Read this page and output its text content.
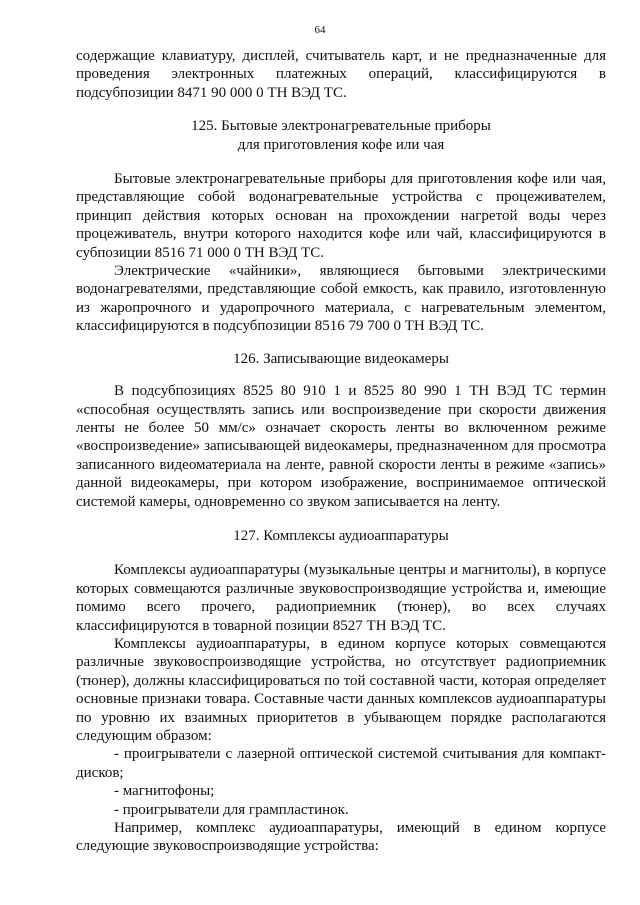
64

содержащие клавиатуру, дисплей, считыватель карт, и не предназначенные для проведения электронных платежных операций, классифицируются в подсубпозиции 8471 90 000 0 ТН ВЭД ТС.

125. Бытовые электронагревательные приборы

для приготовления кофе или чая

Бытовые электронагревательные приборы для приготовления кофе или чая, представляющие собой водонагревательные устройства с процеживателем, принцип действия которых основан на прохождении нагретой воды через процеживатель, внутри которого находится кофе или чай, классифицируются в субпозиции 8516 71 000 0 ТН ВЭД ТС.

Электрические «чайники», являющиеся бытовыми электрическими водонагревателями, представляющие собой емкость, как правило, изготовленную из жаропрочного и ударопрочного материала, с нагревательным элементом, классифицируются в подсубпозиции 8516 79 700 0 ТН ВЭД ТС.

126. Записывающие видеокамеры

В подсубпозициях 8525 80 910 1 и 8525 80 990 1 ТН ВЭД ТС термин «способная осуществлять запись или воспроизведение при скорости движения ленты не более 50 мм/с» означает скорость ленты во включенном режиме «воспроизведение» записывающей видеокамеры, предназначенном для просмотра записанного видеоматериала на ленте, равной скорости ленты в режиме «запись» данной видеокамеры, при котором изображение, воспринимаемое оптической системой камеры, одновременно со звуком записывается на ленту.

127. Комплексы аудиоаппаратуры

Комплексы аудиоаппаратуры (музыкальные центры и магнитолы), в корпусе которых совмещаются различные звуковоспроизводящие устройства и, имеющие помимо всего прочего, радиоприемник (тюнер), во всех случаях классифицируются в товарной позиции 8527 ТН ВЭД ТС.

Комплексы аудиоаппаратуры, в едином корпусе которых совмещаются различные звуковоспроизводящие устройства, но отсутствует радиоприемник (тюнер), должны классифицироваться по той составной части, которая определяет основные признаки товара. Составные части данных комплексов аудиоаппаратуры по уровню их взаимных приоритетов в убывающем порядке располагаются следующим образом:

- проигрыватели с лазерной оптической системой считывания для компакт-дисков;

- магнитофоны;

- проигрыватели для грампластинок.

Например, комплекс аудиоаппаратуры, имеющий в едином корпусе следующие звуковоспроизводящие устройства:
